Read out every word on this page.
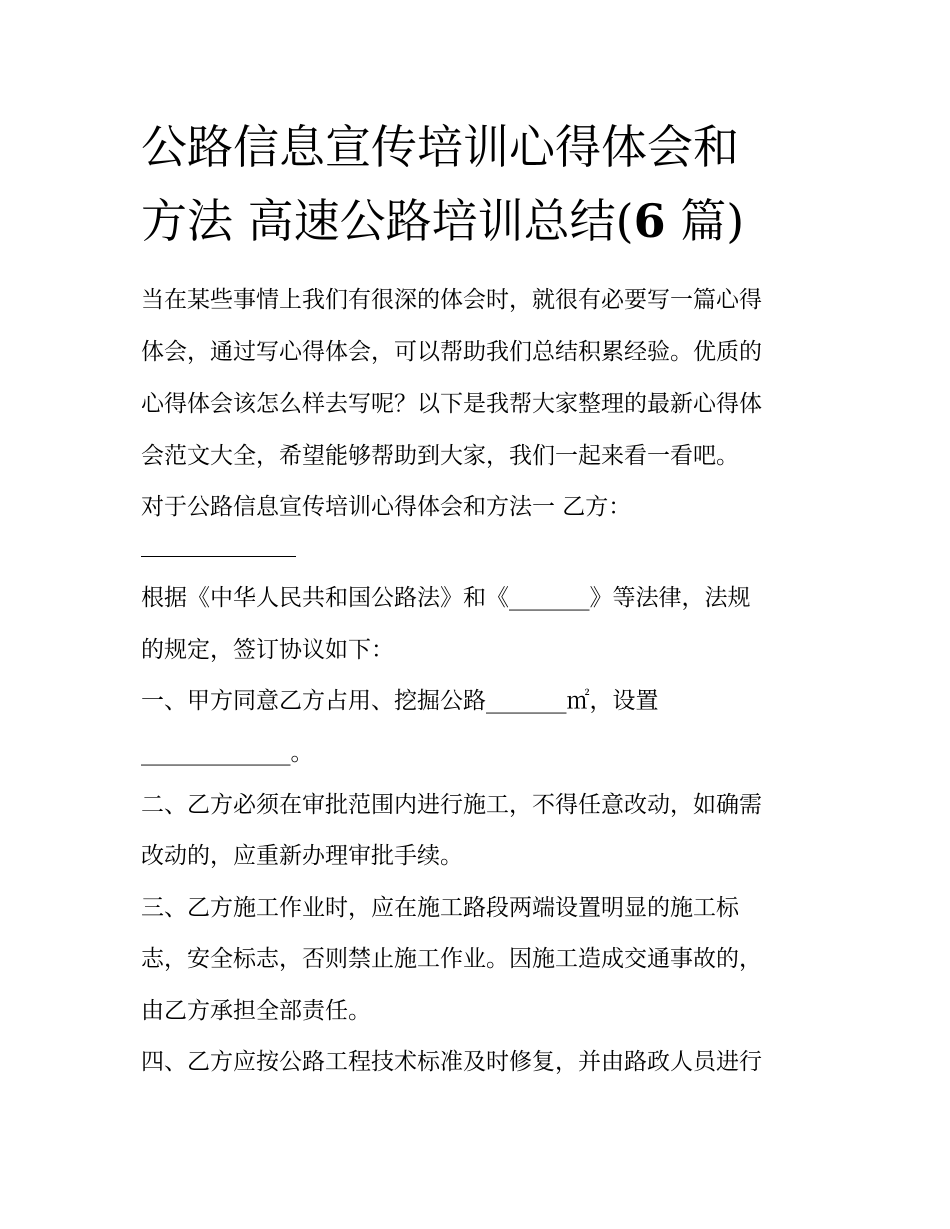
公路信息宣传培训心得体会和
方法 高速公路培训总结(6 篇)
当在某些事情上我们有很深的体会时，就很有必要写一篇心得
体会，通过写心得体会，可以帮助我们总结积累经验。优质的
心得体会该怎么样去写呢？以下是我帮大家整理的最新心得体
会范文大全，希望能够帮助到大家，我们一起来看一看吧。
对于公路信息宣传培训心得体会和方法一 乙方：
根据《中华人民共和国公路法》和《_______》等法律，法规
的规定，签订协议如下：
一、甲方同意乙方占用、挖掘公路_______㎡，设置
_____________。
二、乙方必须在审批范围内进行施工，不得任意改动，如确需
改动的，应重新办理审批手续。
三、乙方施工作业时，应在施工路段两端设置明显的施工标
志，安全标志，否则禁止施工作业。因施工造成交通事故的，
由乙方承担全部责任。
四、乙方应按公路工程技术标准及时修复，并由路政人员进行
